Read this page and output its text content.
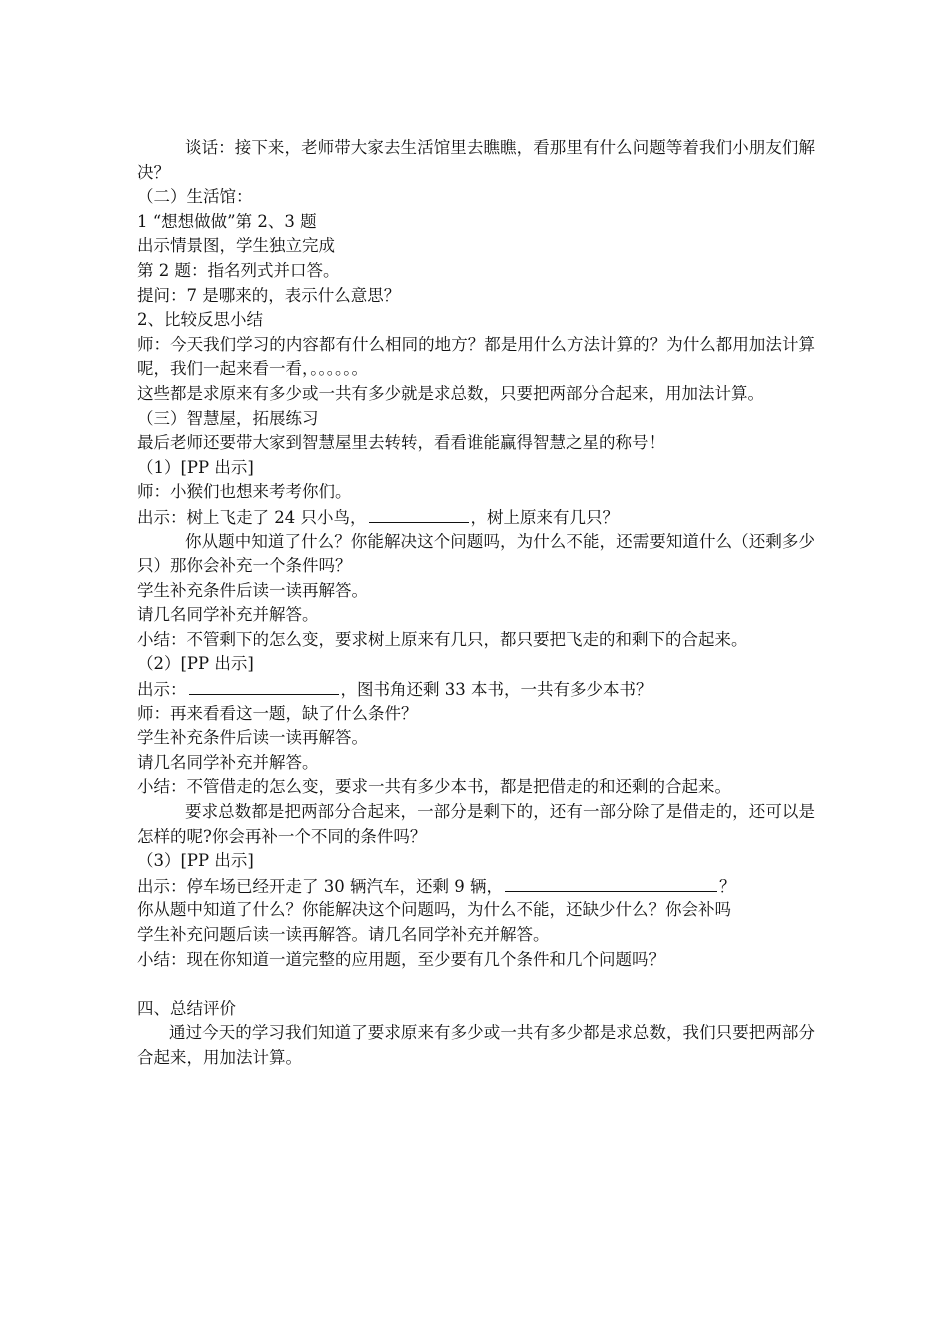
谈话：接下来，老师带大家去生活馆里去瞧瞧，看那里有什么问题等着我们小朋友们解决？
（二）生活馆：
1 “想想做做”第 2、3 题
出示情景图，学生独立完成
第 2 题：指名列式并口答。
提问：7 是哪来的，表示什么意思？
2、比较反思小结
师：今天我们学习的内容都有什么相同的地方？都是用什么方法计算的？为什么都用加法计算呢，我们一起来看一看，。。。。。。
这些都是求原来有多少或一共有多少就是求总数，只要把两部分合起来，用加法计算。
（三）智慧屋，拓展练习
最后老师还要带大家到智慧屋里去转转，看看谁能赢得智慧之星的称号！
（1）[PP 出示]
师：小猴们也想来考考你们。
出示：树上飞走了 24 只小鸟，	，树上原来有几只？
你从题中知道了什么？你能解决这个问题吗，为什么不能，还需要知道什么（还剩多少只）那你会补充一个条件吗？
学生补充条件后读一读再解答。
请几名同学补充并解答。
小结：不管剩下的怎么变，要求树上原来有几只，都只要把飞走的和剩下的合起来。
（2）[PP 出示]
出示：	，图书角还剩 33 本书，一共有多少本书？
师：再来看看这一题，缺了什么条件？
学生补充条件后读一读再解答。
请几名同学补充并解答。
小结：不管借走的怎么变，要求一共有多少本书，都是把借走的和还剩的合起来。
要求总数都是把两部分合起来，一部分是剩下的，还有一部分除了是借走的，还可以是怎样的呢?你会再补一个不同的条件吗？
（3）[PP 出示]
出示：停车场已经开走了 30 辆汽车，还剩 9 辆，	？
你从题中知道了什么？你能解决这个问题吗，为什么不能，还缺少什么？你会补吗
学生补充问题后读一读再解答。请几名同学补充并解答。
小结：现在你知道一道完整的应用题，至少要有几个条件和几个问题吗？
四、总结评价
通过今天的学习我们知道了要求原来有多少或一共有多少都是求总数，我们只要把两部分合起来，用加法计算。
